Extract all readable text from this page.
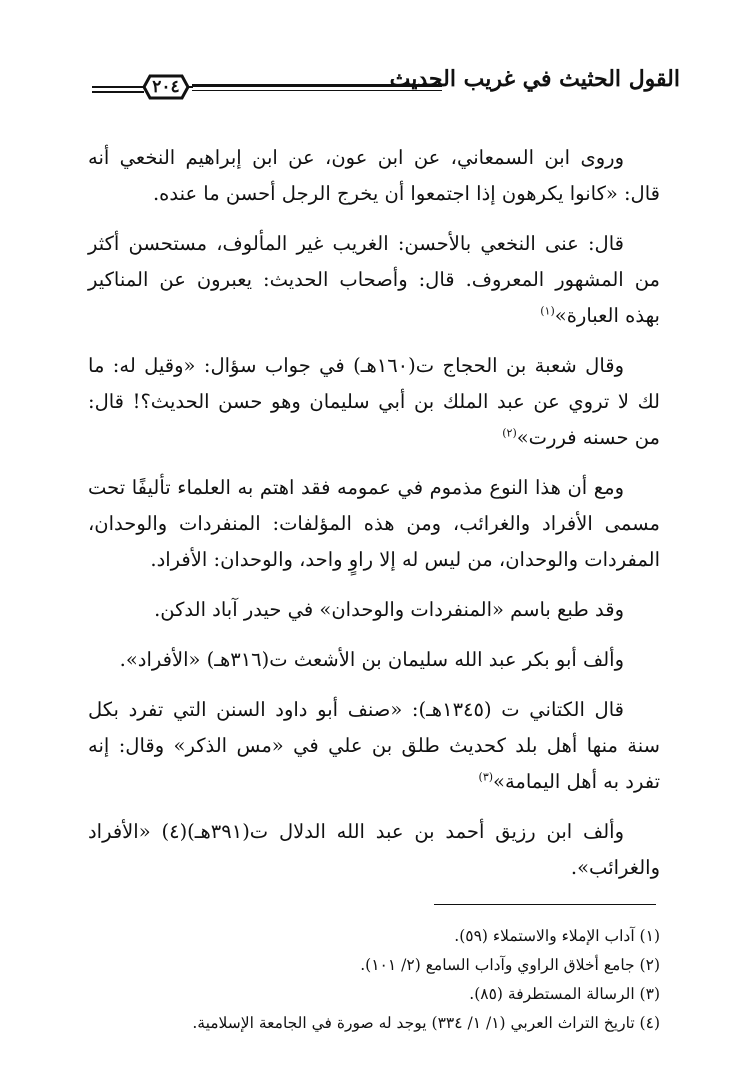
القول الحثيث في غريب الحديث
٢٠٤

وروى ابن السمعاني، عن ابن عون، عن ابن إبراهيم النخعي أنه قال: «كانوا يكرهون إذا اجتمعوا أن يخرج الرجل أحسن ما عنده.

قال: عنى النخعي بالأحسن: الغريب غير المألوف، مستحسن أكثر من المشهور المعروف. قال: وأصحاب الحديث: يعبرون عن المناكير بهذه العبارة»$^{(١)}$

وقال شعبة بن الحجاج ت(١٦٠هـ) في جواب سؤال: «وقيل له: ما لك لا تروي عن عبد الملك بن أبي سليمان وهو حسن الحديث؟! قال: من حسنه فررت»$^{(٢)}$

ومع أن هذا النوع مذموم في عمومه فقد اهتم به العلماء تأليفًا تحت مسمى الأفراد والغرائب، ومن هذه المؤلفات: المنفردات والوحدان، المفردات والوحدان، من ليس له إلا راوٍ واحد، والوحدان: الأفراد.

وقد طبع باسم «المنفردات والوحدان» في حيدر آباد الدكن.

وألف أبو بكر عبد الله سليمان بن الأشعث ت(٣١٦هـ) «الأفراد».

قال الكتاني ت (١٣٤٥هـ): «صنف أبو داود السنن التي تفرد بكل سنة منها أهل بلد كحديث طلق بن علي في «مس الذكر» وقال: إنه تفرد به أهل اليمامة»$^{(٣)}$

وألف ابن رزيق أحمد بن عبد الله الدلال ت(٣٩١هـ)(٤) «الأفراد والغرائب».

(١) آداب الإملاء والاستملاء (٥٩).
(٢) جامع أخلاق الراوي وآداب السامع (٢/ ١٠١).
(٣) الرسالة المستطرفة (٨٥).
(٤) تاريخ التراث العربي (١/ ١/ ٣٣٤) يوجد له صورة في الجامعة الإسلامية.
